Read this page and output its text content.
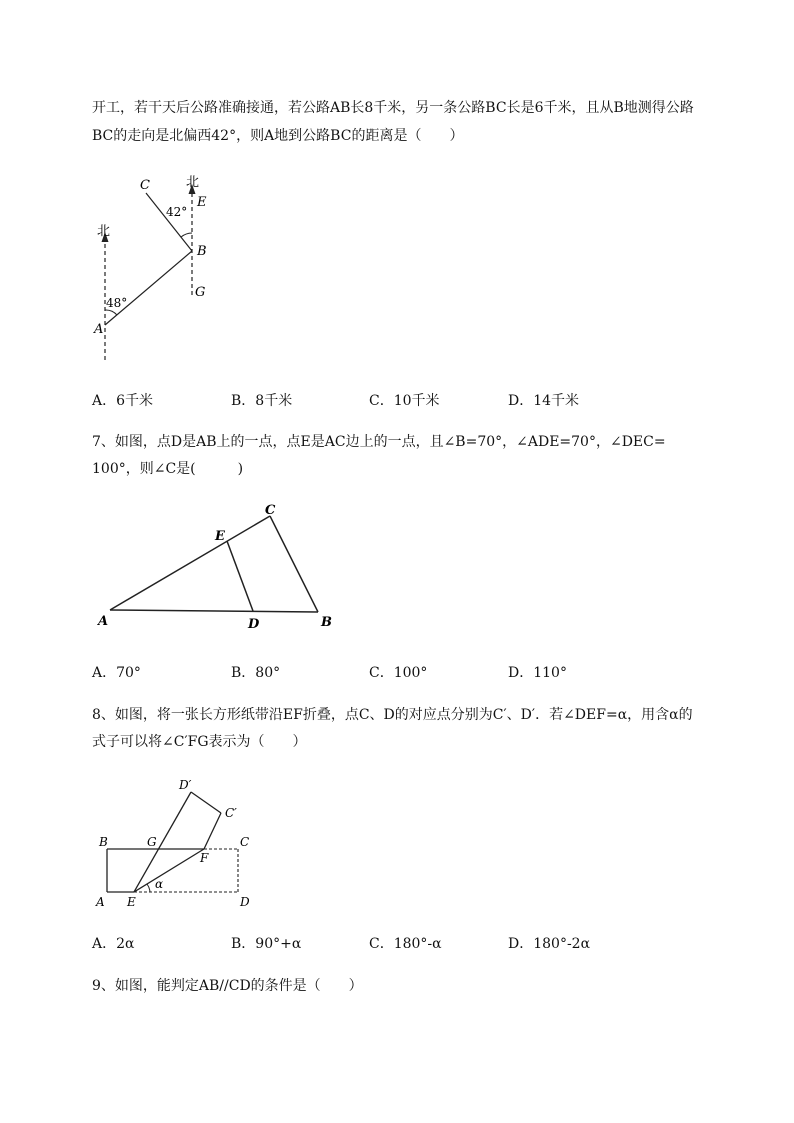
开工，若干天后公路准确接通，若公路AB长8千米，另一条公路BC长是6千米，且从B地测得公路
BC的走向是北偏西42°，则A地到公路BC的距离是（　　）
北
北
48°
42°
A
B
C
E
G
A．6千米	B．8千米	C．10千米	D．14千米
7、如图，点D是AB上的一点，点E是AC边上的一点，且∠B=70°，∠ADE=70°，∠DEC=
100°，则∠C是(　　　)
A	B
C
D
E
A．70°	B．80°	C．100°	D．110°
8、如图，将一张长方形纸带沿EF折叠，点C、D的对应点分别为C′、D′．若∠DEF=α，用含α的
式子可以将∠C′FG表示为（　　）
α
A
B	C
D
E
F
G
C′
D′
A．2α	B．90°+α	C．180°-α	D．180°-2α
9、如图，能判定AB//CD的条件是（　　）
